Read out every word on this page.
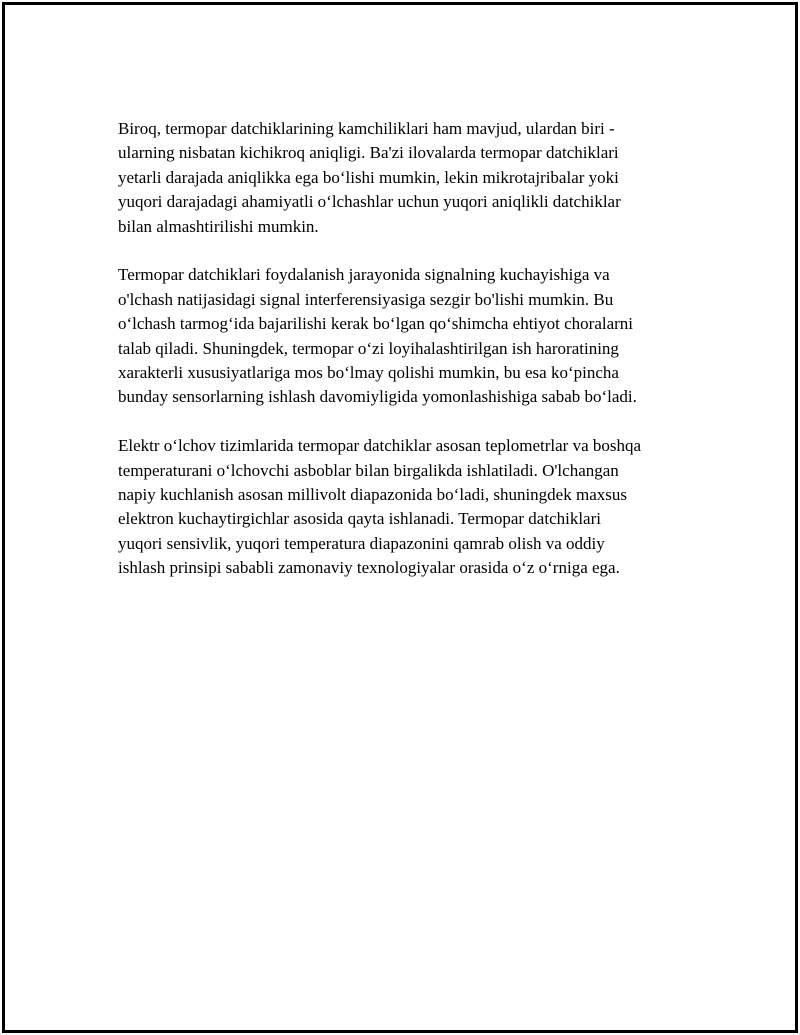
Biroq, termopar datchiklarining kamchiliklari ham mavjud, ulardan biri -
ularning nisbatan kichikroq aniqligi. Ba'zi ilovalarda termopar datchiklari
yetarli darajada aniqlikka ega bo‘lishi mumkin, lekin mikrotajribalar yoki
yuqori darajadagi ahamiyatli o‘lchashlar uchun yuqori aniqlikli datchiklar
bilan almashtirilishi mumkin.

Termopar datchiklari foydalanish jarayonida signalning kuchayishiga va
o'lchash natijasidagi signal interferensiyasiga sezgir bo'lishi mumkin. Bu
o‘lchash tarmog‘ida bajarilishi kerak bo‘lgan qo‘shimcha ehtiyot choralarni
talab qiladi. Shuningdek, termopar o‘zi loyihalashtirilgan ish haroratining
xarakterli xususiyatlariga mos bo‘lmay qolishi mumkin, bu esa ko‘pincha
bunday sensorlarning ishlash davomiyligida yomonlashishiga sabab bo‘ladi.

Elektr o‘lchov tizimlarida termopar datchiklar asosan teplometrlar va boshqa
temperaturani o‘lchovchi asboblar bilan birgalikda ishlatiladi. O'lchangan
napiy kuchlanish asosan millivolt diapazonida bo‘ladi, shuningdek maxsus
elektron kuchaytirgichlar asosida qayta ishlanadi. Termopar datchiklari
yuqori sensivlik, yuqori temperatura diapazonini qamrab olish va oddiy
ishlash prinsipi sababli zamonaviy texnologiyalar orasida o‘z o‘rniga ega.
